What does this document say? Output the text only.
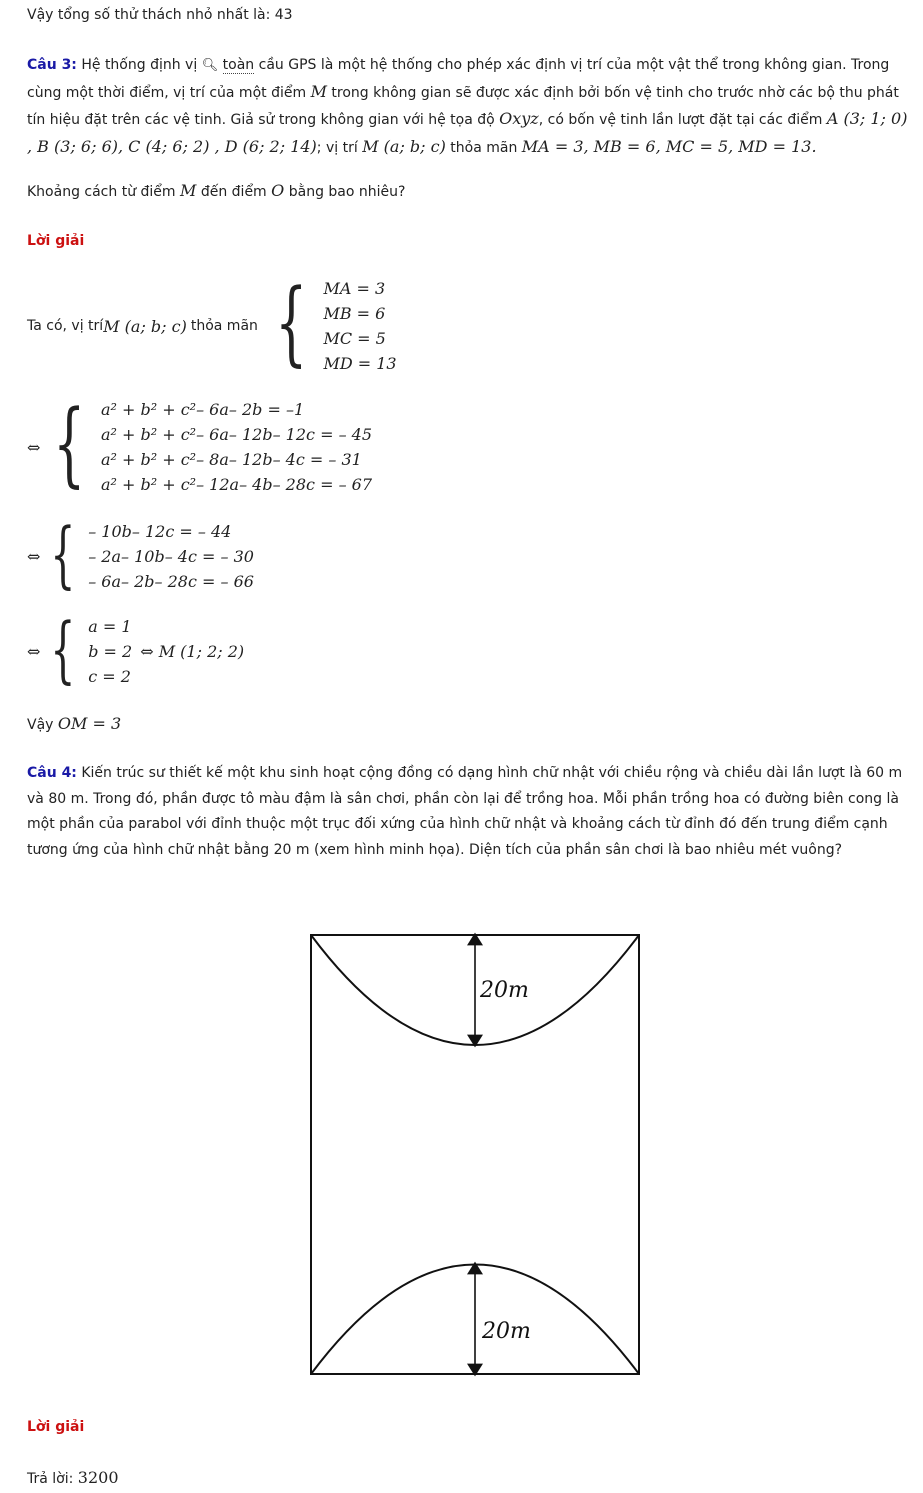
Vậy tổng số thử thách nhỏ nhất là: 43
Câu 3: Hệ thống định vị 🔍︎ toàn cầu GPS là một hệ thống cho phép xác định vị trí của một vật thể trong không gian. Trong cùng một thời điểm, vị trí của một điểm M trong không gian sẽ được xác định bởi bốn vệ tinh cho trước nhờ các bộ thu phát tín hiệu đặt trên các vệ tinh. Giả sử trong không gian với hệ tọa độ Oxyz, có bốn vệ tinh lần lượt đặt tại các điểm A (3; 1; 0) , B (3; 6; 6), C (4; 6; 2) , D (6; 2; 14); vị trí M (a; b; c) thỏa mãn MA = 3, MB = 6, MC = 5, MD = 13.
Khoảng cách từ điểm M đến điểm O bằng bao nhiêu?
Lời giải
Ta có, vị trí M (a; b; c) thỏa mãn { MA = 3
MB = 6
MC = 5
MD = 13
⇔ { a² + b² + c²– 6a– 2b = –1
a² + b² + c²– 6a– 12b– 12c = – 45
a² + b² + c²– 8a– 12b– 4c = – 31
a² + b² + c²– 12a– 4b– 28c = – 67
⇔ { – 10b– 12c = – 44
– 2a– 10b– 4c = – 30
– 6a– 2b– 28c = – 66
⇔ { a = 1
b = 2
c = 2
⇔ M (1; 2; 2)
Vậy OM = 3
Câu 4: Kiến trúc sư thiết kế một khu sinh hoạt cộng đồng có dạng hình chữ nhật với chiều rộng và chiều dài lần lượt là 60 m và 80 m. Trong đó, phần được tô màu đậm là sân chơi, phần còn lại để trồng hoa. Mỗi phần trồng hoa có đường biên cong là một phần của parabol với đỉnh thuộc một trục đối xứng của hình chữ nhật và khoảng cách từ đỉnh đó đến trung điểm cạnh tương ứng của hình chữ nhật bằng 20 m (xem hình minh họa). Diện tích của phần sân chơi là bao nhiêu mét vuông?
20m
20m
Lời giải
Trả lời: 3200
